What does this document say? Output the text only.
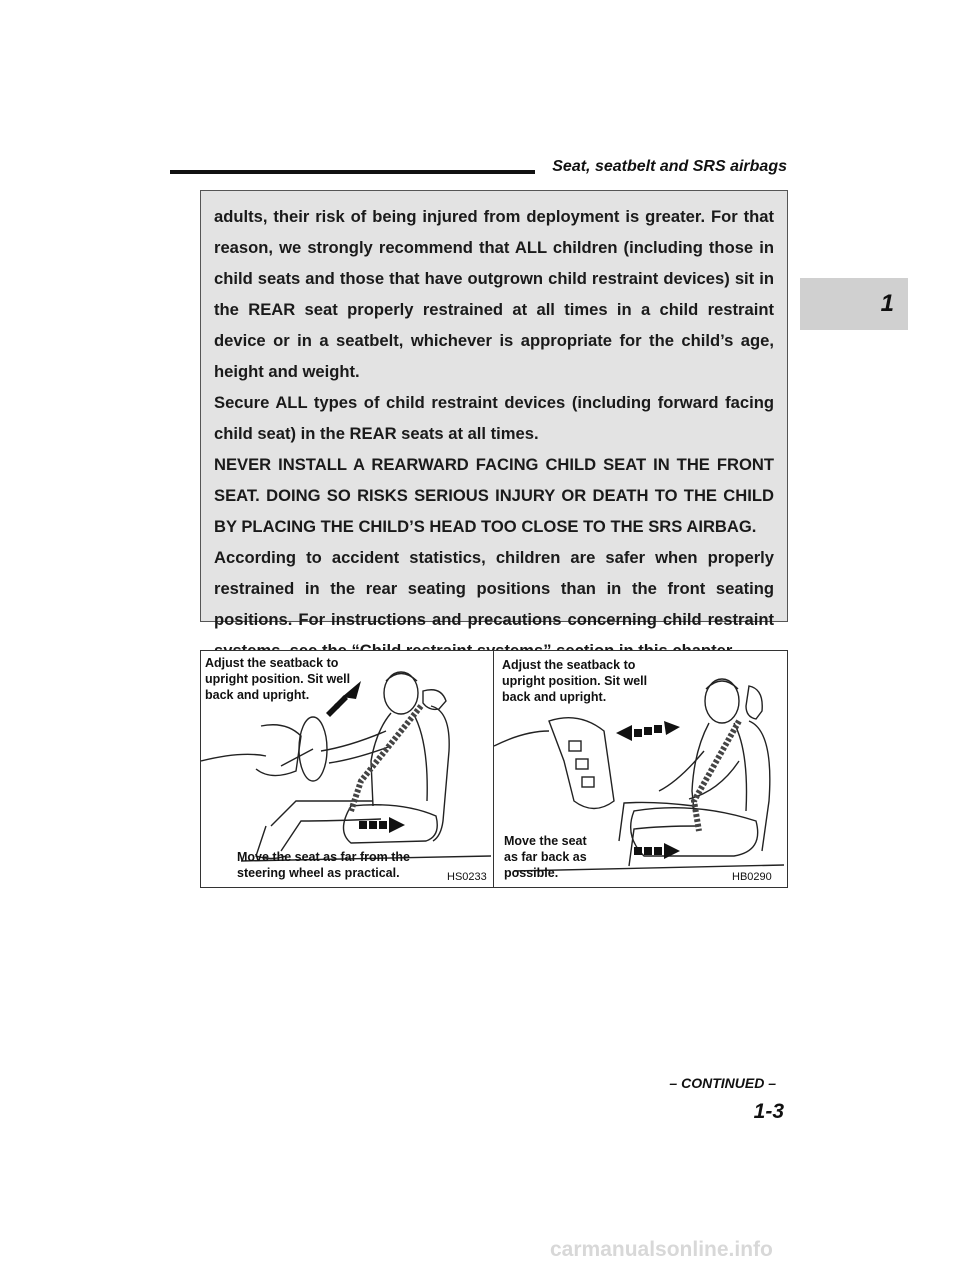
Seat, seatbelt and SRS airbags
1

adults, their risk of being injured from deployment is greater. For that reason, we strongly recommend that ALL children (including those in child seats and those that have outgrown child restraint devices) sit in the REAR seat properly restrained at all times in a child restraint device or in a seatbelt, whichever is appropriate for the child’s age, height and weight.

Secure ALL types of child restraint devices (including forward facing child seat) in the REAR seats at all times.

NEVER INSTALL A REARWARD FACING CHILD SEAT IN THE FRONT SEAT. DOING SO RISKS SERIOUS INJURY OR DEATH TO THE CHILD BY PLACING THE CHILD’S HEAD TOO CLOSE TO THE SRS AIRBAG.

According to accident statistics, children are safer when properly restrained in the rear seating positions than in the front seating positions. For instructions and precautions concerning child restraint

Adjust the seatback to upright position. Sit well back and upright.
Move the seat as far from the steering wheel as practical.	HS0233
Adjust the seatback to upright position. Sit well back and upright.
Move the seat as far back as possible.	HB0290
– CONTINUED –
1-3
carmanualsonline.info
